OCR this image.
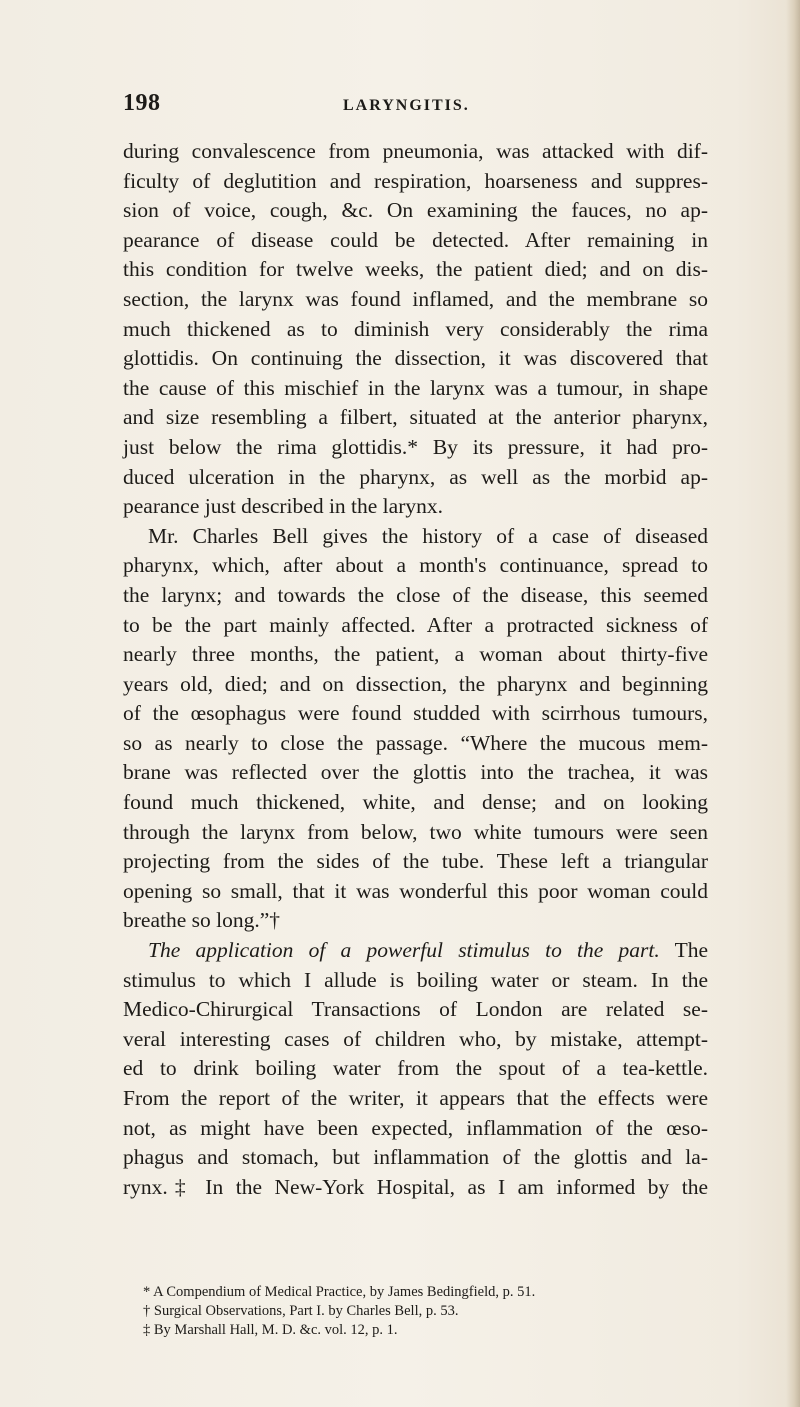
198	LARYNGITIS.
during convalescence from pneumonia, was attacked with dif-
ficulty of deglutition and respiration, hoarseness and suppres-
sion of voice, cough, &c. On examining the fauces, no ap-
pearance of disease could be detected. After remaining in
this condition for twelve weeks, the patient died; and on dis-
section, the larynx was found inflamed, and the membrane so
much thickened as to diminish very considerably the rima
glottidis. On continuing the dissection, it was discovered that
the cause of this mischief in the larynx was a tumour, in shape
and size resembling a filbert, situated at the anterior pharynx,
just below the rima glottidis.* By its pressure, it had pro-
duced ulceration in the pharynx, as well as the morbid ap-
pearance just described in the larynx.
Mr. Charles Bell gives the history of a case of diseased
pharynx, which, after about a month's continuance, spread to
the larynx; and towards the close of the disease, this seemed
to be the part mainly affected. After a protracted sickness of
nearly three months, the patient, a woman about thirty-five
years old, died; and on dissection, the pharynx and beginning
of the œsophagus were found studded with scirrhous tumours,
so as nearly to close the passage. “Where the mucous mem-
brane was reflected over the glottis into the trachea, it was
found much thickened, white, and dense; and on looking
through the larynx from below, two white tumours were seen
projecting from the sides of the tube. These left a triangular
opening so small, that it was wonderful this poor woman could
breathe so long.”†
The application of a powerful stimulus to the part. The
stimulus to which I allude is boiling water or steam. In the
Medico-Chirurgical Transactions of London are related se-
veral interesting cases of children who, by mistake, attempt-
ed to drink boiling water from the spout of a tea-kettle.
From the report of the writer, it appears that the effects were
not, as might have been expected, inflammation of the œso-
phagus and stomach, but inflammation of the glottis and la-
rynx.‡ In the New-York Hospital, as I am informed by the
* A Compendium of Medical Practice, by James Bedingfield, p. 51.
† Surgical Observations, Part I. by Charles Bell, p. 53.
‡ By Marshall Hall, M. D. &c. vol. 12, p. 1.
